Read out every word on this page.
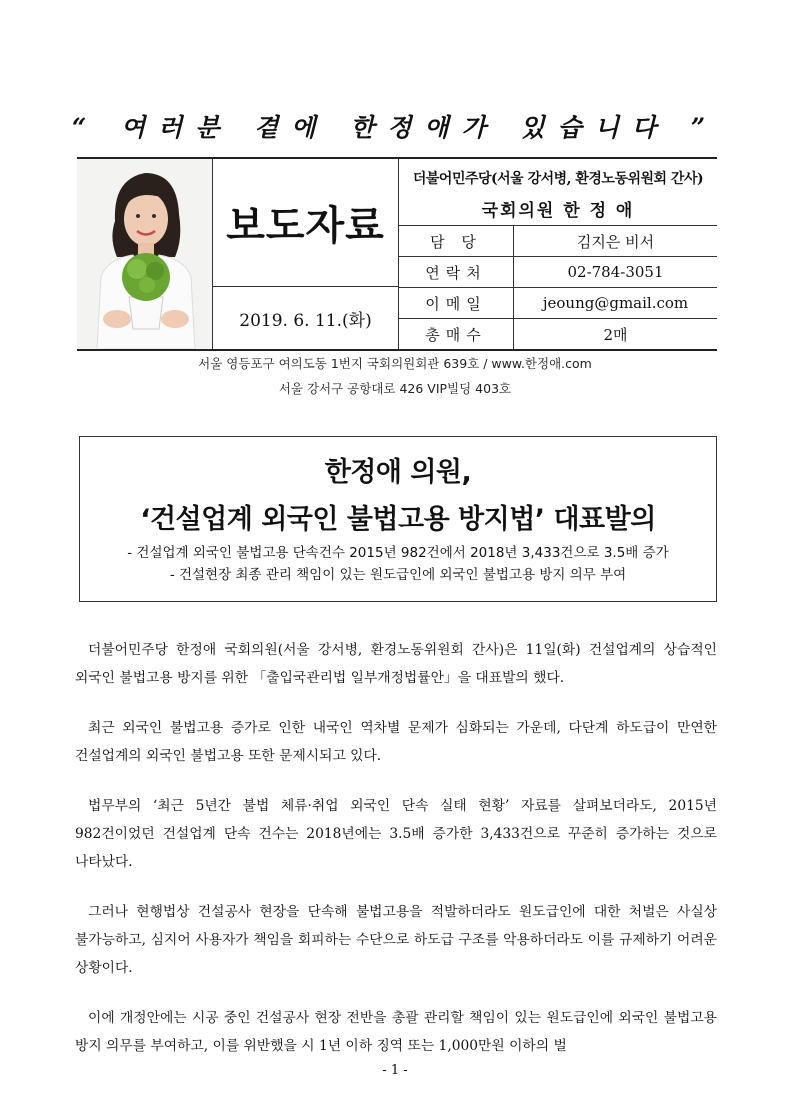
“ 여러분 곁에 한정애가 있습니다 ”
보도자료
2019. 6. 11.(화)
더불어민주당(서울 강서병, 환경노동위원회 간사)
국회의원 한 정 애
담 당	김지은 비서
연락처	02-784-3051
이메일	jeoung@gmail.com
총매수	2매
서울 영등포구 여의도동 1번지 국회의원회관 639호 / www.한정애.com
서울 강서구 공항대로 426 VIP빌딩 403호
한정애 의원,
‘건설업계 외국인 불법고용 방지법’ 대표발의
- 건설업계 외국인 불법고용 단속건수 2015년 982건에서 2018년 3,433건으로 3.5배 증가
- 건설현장 최종 관리 책임이 있는 원도급인에 외국인 불법고용 방지 의무 부여

더불어민주당 한정애 국회의원(서울 강서병, 환경노동위원회 간사)은 11일(화) 건설업계의 상습적인 외국인 불법고용 방지를 위한 「출입국관리법 일부개정법률안」을 대표발의 했다.

최근 외국인 불법고용 증가로 인한 내국인 역차별 문제가 심화되는 가운데, 다단계 하도급이 만연한 건설업계의 외국인 불법고용 또한 문제시되고 있다.

법무부의 ‘최근 5년간 불법 체류·취업 외국인 단속 실태 현황’ 자료를 살펴보더라도, 2015년 982건이었던 건설업계 단속 건수는 2018년에는 3.5배 증가한 3,433건으로 꾸준히 증가하는 것으로 나타났다.

그러나 현행법상 건설공사 현장을 단속해 불법고용을 적발하더라도 원도급인에 대한 처벌은 사실상 불가능하고, 심지어 사용자가 책임을 회피하는 수단으로 하도급 구조를 악용하더라도 이를 규제하기 어려운 상황이다.

이에 개정안에는 시공 중인 건설공사 현장 전반을 총괄 관리할 책임이 있는 원도급인에 외국인 불법고용 방지 의무를 부여하고, 이를 위반했을 시 1년 이하 징역 또는 1,000만원 이하의 벌

- 1 -
